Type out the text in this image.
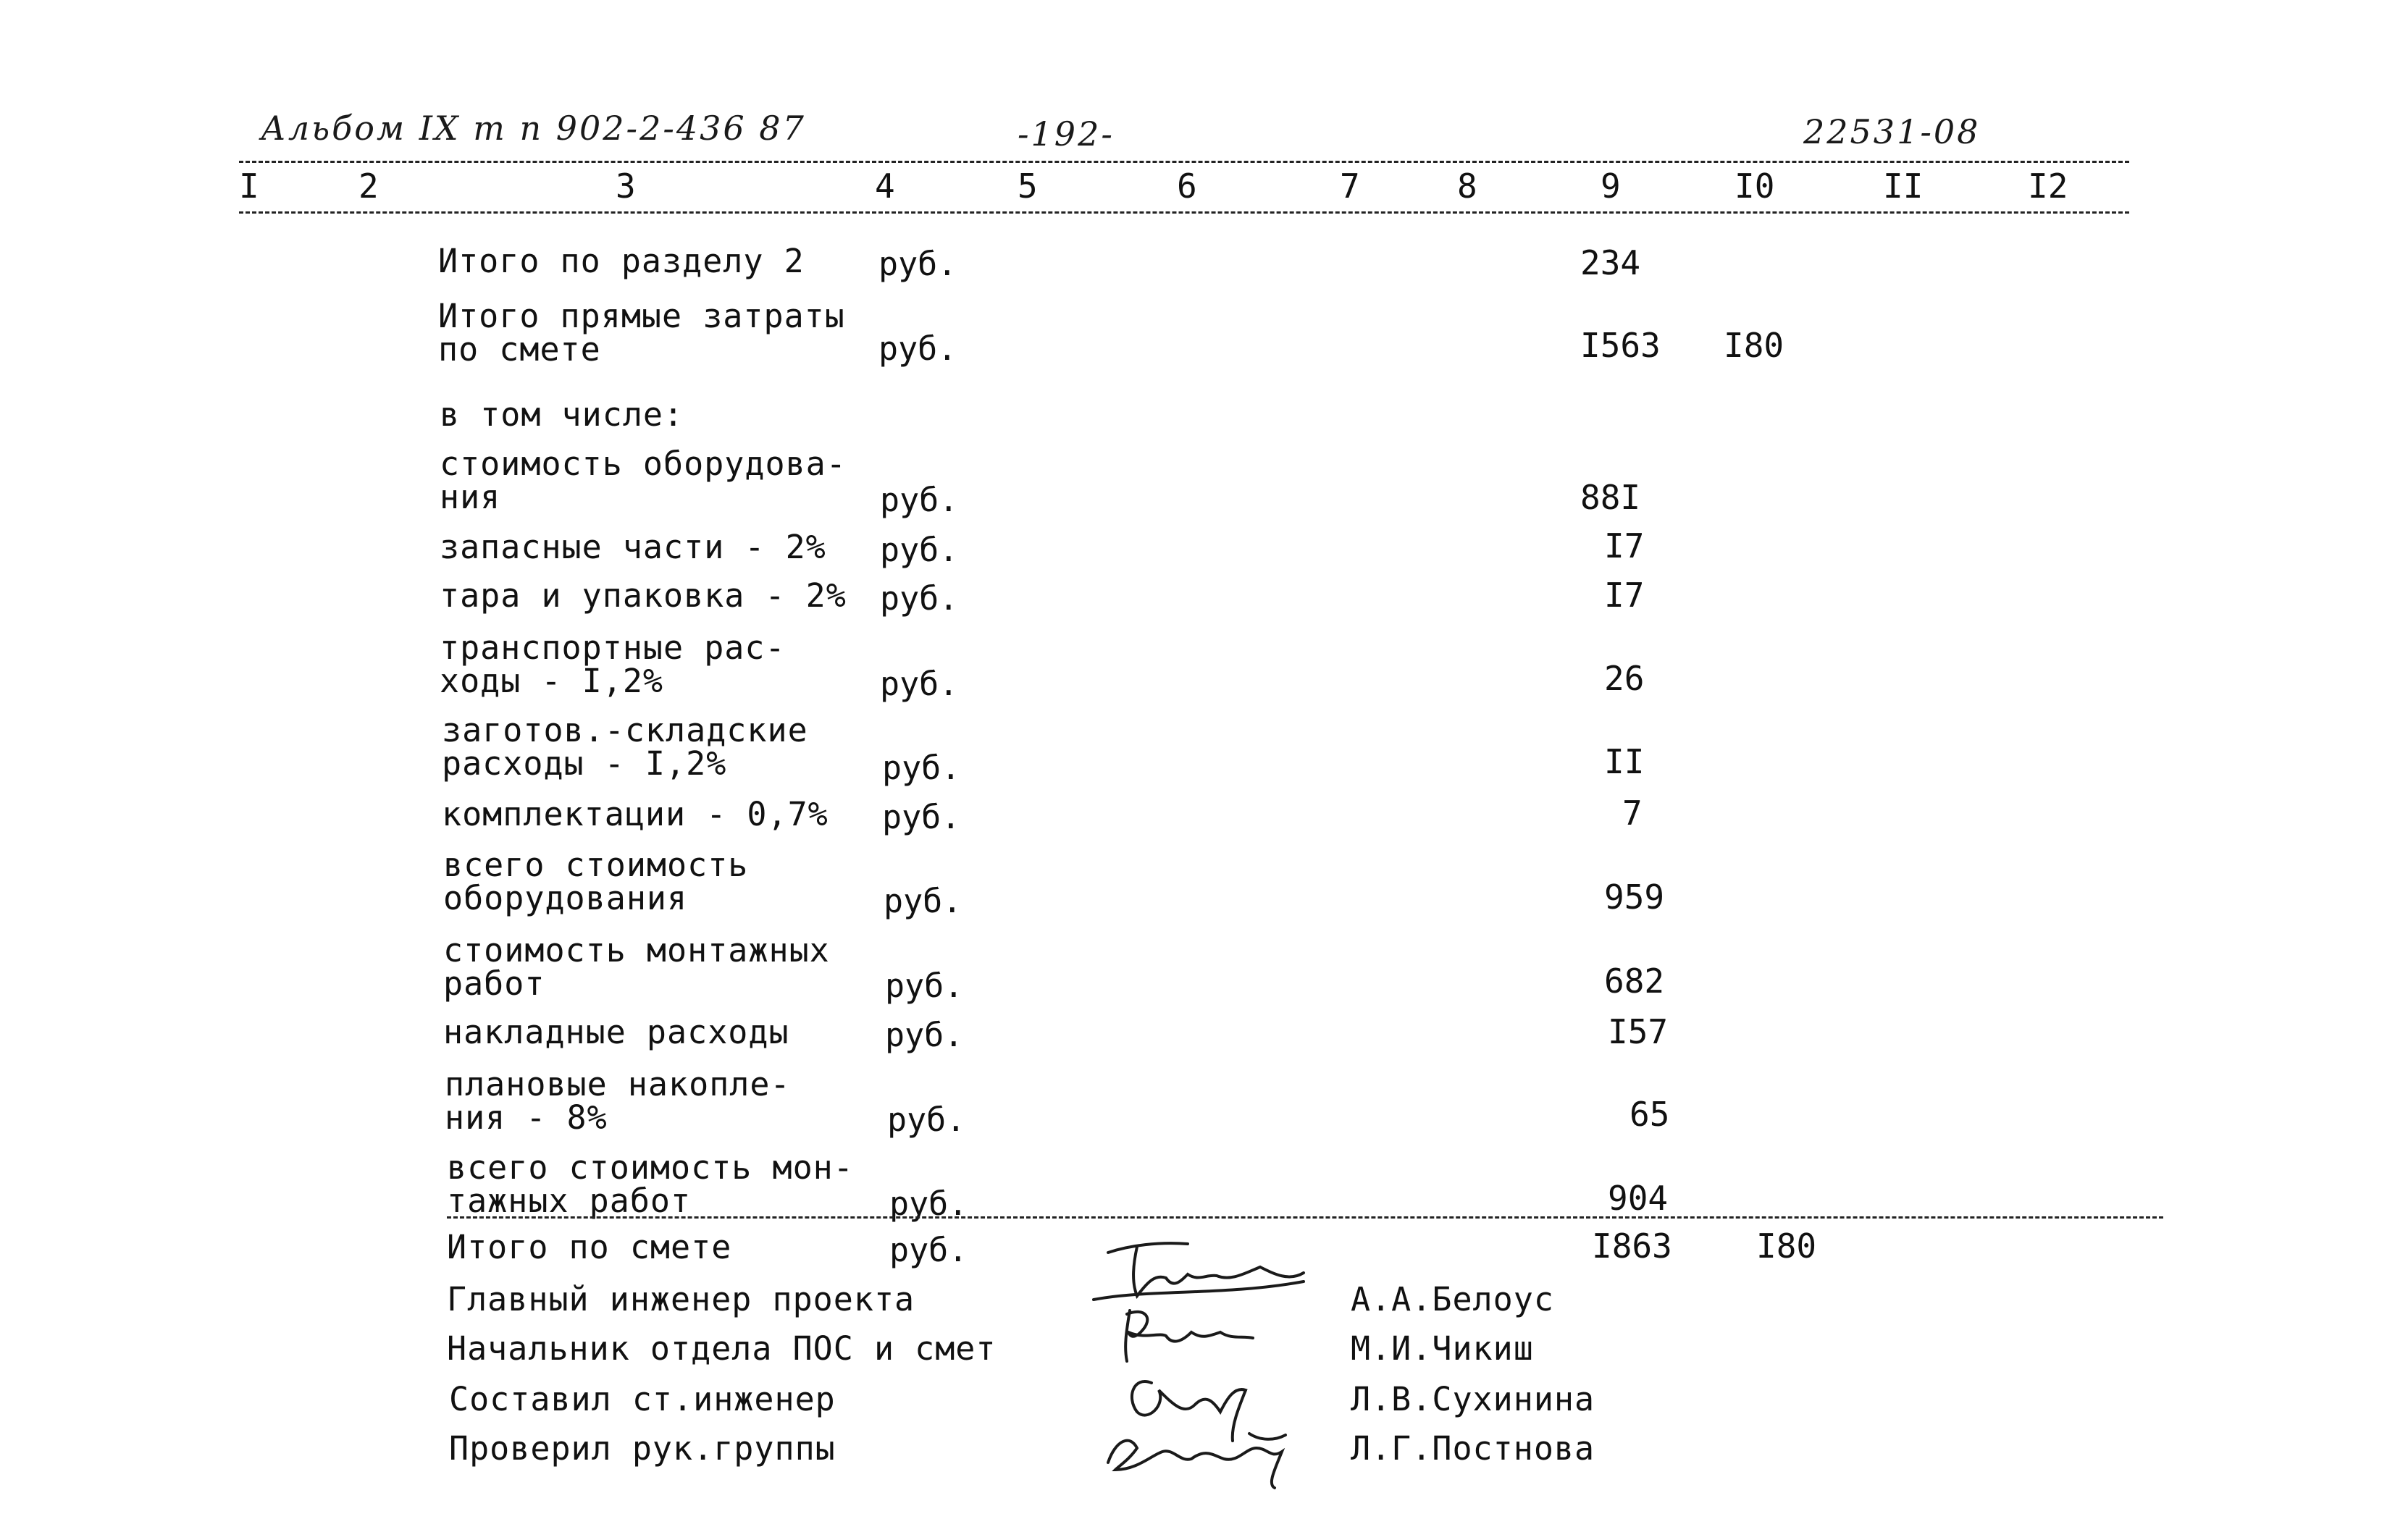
Альбом IX т п 902-2-436 87	-192-	22531-08
I	2	3	4	5	6	7	8	9	I0	II	I2
Итого по разделу 2 руб.	234
Итого прямые затраты
по смете	руб.	I563 I80
в том числе:
стоимость оборудова-
ния	руб.	88I
запасные части - 2% руб.	I7
тара и упаковка - 2% руб.	I7
транспортные рас-
ходы - I,2%	руб.	26
заготов.-складские
расходы - I,2%	руб.	II
комплектации - 0,7% руб.	7
всего стоимость
оборудования	руб.	959
стоимость монтажных
работ	руб.	682
накладные расходы	руб.	I57
плановые накопле-
ния - 8%	руб.	65
всего стоимость мон-
тажных работ	руб.	904
Итого по смете	руб.	I863	I80
Главный инженер проекта	А.А.Белоус
Начальник отдела ПОС и смет	М.И.Чикиш
Составил ст.инженер	Л.В.Сухинина
Проверил рук.группы	Л.Г.Постнова
